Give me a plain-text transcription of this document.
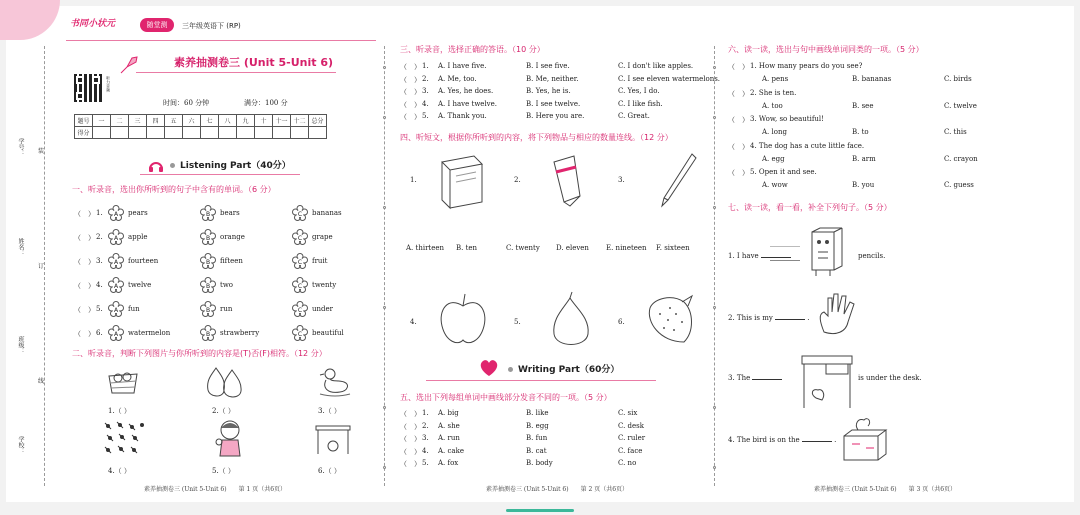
学号：
姓名：
班级：
学校：
装
订
线
书同小状元	随堂测	三年级英语下 (RP)
听力音频
素养抽测卷三 (Unit 5-Unit 6)
时间：60 分钟	满分：100 分
题号	一	二	三	四	五	六	七	八	九	十	十一	十二	总分
得分													
Listening Part（40分）
一、听录音，选出你所听到的句子中含有的单词。（6 分）
（　） 1. A pears	B bears	C bananas
（　） 2. A apple	B orange	C grape
（　） 3. A fourteen	B fifteen	C fruit
（　） 4. A twelve	B two	C twenty
（　） 5. A fun	B run	C under
（　） 6. A watermelon	B strawberry	C beautiful
二、听录音，判断下列图片与你所听到的内容是(T)否(F)相符。（12 分）
1.（ ）	2.（ ）	3.（ ）
4.（ ）	5.（ ）	6.（ ）
素养抽测卷三 (Unit 5-Unit 6)　　第 1 页（共6页）
三、听录音，选择正确的答语。（10 分）
（　） 1. A. I have five.	B. I see five.	C. I don't like apples.
（　） 2. A. Me, too.	B. Me, neither.	C. I see eleven watermelons.
（　） 3. A. Yes, he does.	B. Yes, he is.	C. Yes, I do.
（　） 4. A. I have twelve.	B. I see twelve.	C. I like fish.
（　） 5. A. Thank you.	B. Here you are.	C. Great.
四、听短文，根据你所听到的内容，将下列物品与相应的数量连线。（12 分）
1.	2.	3.
A. thirteen B. ten	C. twenty D. eleven E. nineteen F. sixteen
4.	5.	6.
Writing Part（60分）
五、选出下列每组单词中画线部分发音不同的一项。（5 分）
（　） 1. A. big	B. like	C. six
（　） 2. A. she	B. egg	C. desk
（　） 3. A. run	B. fun	C. ruler
（　） 4. A. cake	B. cat	C. face
（　） 5. A. fox	B. body	C. no
素养抽测卷三 (Unit 5-Unit 6)　　第 2 页（共6页）
六、读一读，选出与句中画线单词同类的一项。（5 分）
（　） 1. How many pears do you see?
A. pens	B. bananas	C. birds
（　） 2. She is ten.
A. too	B. see	C. twelve
（　） 3. Wow, so beautiful!
A. long	B. to	C. this
（　） 4. The dog has a cute little face.
A. egg	B. arm	C. crayon
（　） 5. Open it and see.
A. wow	B. you	C. guess
七、读一读，看一看，补全下列句子。（5 分）
1. I have	pencils.
2. This is my	.
3. The	is under the desk.
4. The bird is on the	.
素养抽测卷三 (Unit 5-Unit 6)　　第 3 页（共6页）
